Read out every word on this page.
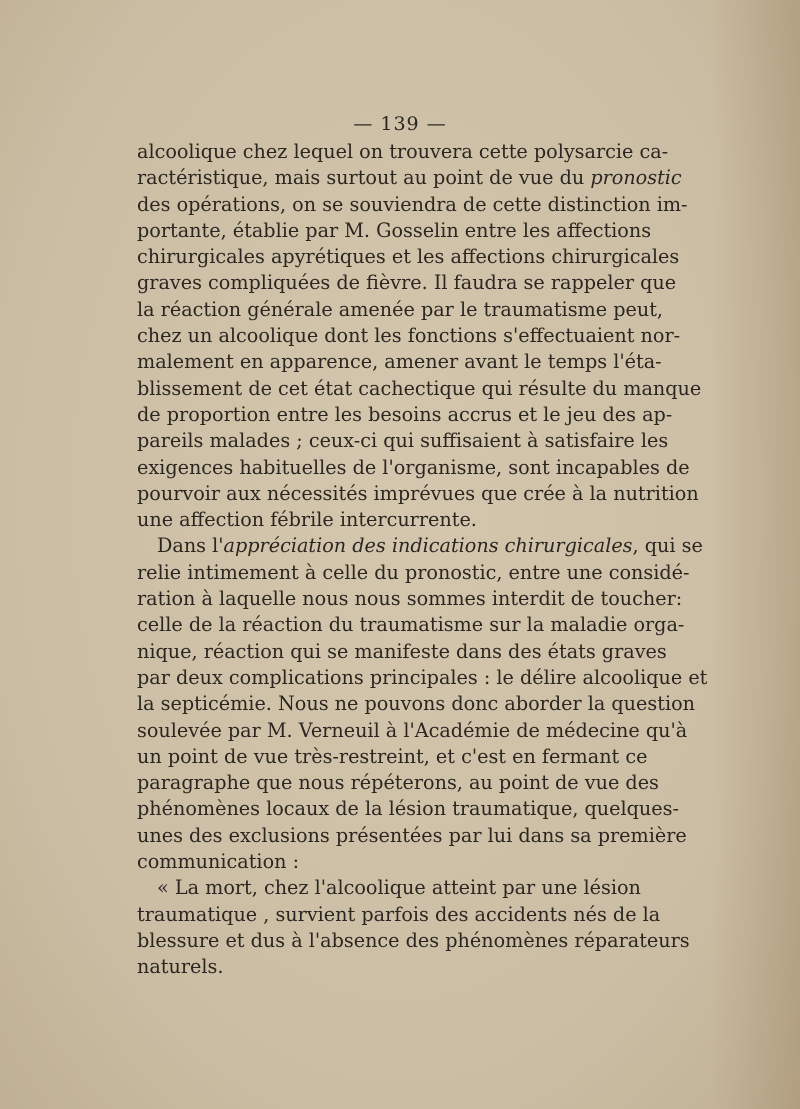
— 139 —
alcoolique chez lequel on trouvera cette polysarcie ca-
ractéristique, mais surtout au point de vue du pronostic
des opérations, on se souviendra de cette distinction im-
portante, établie par M. Gosselin entre les affections
chirurgicales apyrétiques et les affections chirurgicales
graves compliquées de fièvre. Il faudra se rappeler que
la réaction générale amenée par le traumatisme peut,
chez un alcoolique dont les fonctions s'effectuaient nor-
malement en apparence, amener avant le temps l'éta-
blissement de cet état cachectique qui résulte du manque
de proportion entre les besoins accrus et le jeu des ap-
pareils malades ; ceux-ci qui suffisaient à satisfaire les
exigences habituelles de l'organisme, sont incapables de
pourvoir aux nécessités imprévues que crée à la nutrition
une affection fébrile intercurrente.
Dans l'appréciation des indications chirurgicales, qui se
relie intimement à celle du pronostic, entre une considé-
ration à laquelle nous nous sommes interdit de toucher:
celle de la réaction du traumatisme sur la maladie orga-
nique, réaction qui se manifeste dans des états graves
par deux complications principales : le délire alcoolique et
la septicémie. Nous ne pouvons donc aborder la question
soulevée par M. Verneuil à l'Académie de médecine qu'à
un point de vue très-restreint, et c'est en fermant ce
paragraphe que nous répéterons, au point de vue des
phénomènes locaux de la lésion traumatique, quelques-
unes des exclusions présentées par lui dans sa première
communication :
« La mort, chez l'alcoolique atteint par une lésion
traumatique , survient parfois des accidents nés de la
blessure et dus à l'absence des phénomènes réparateurs
naturels.
